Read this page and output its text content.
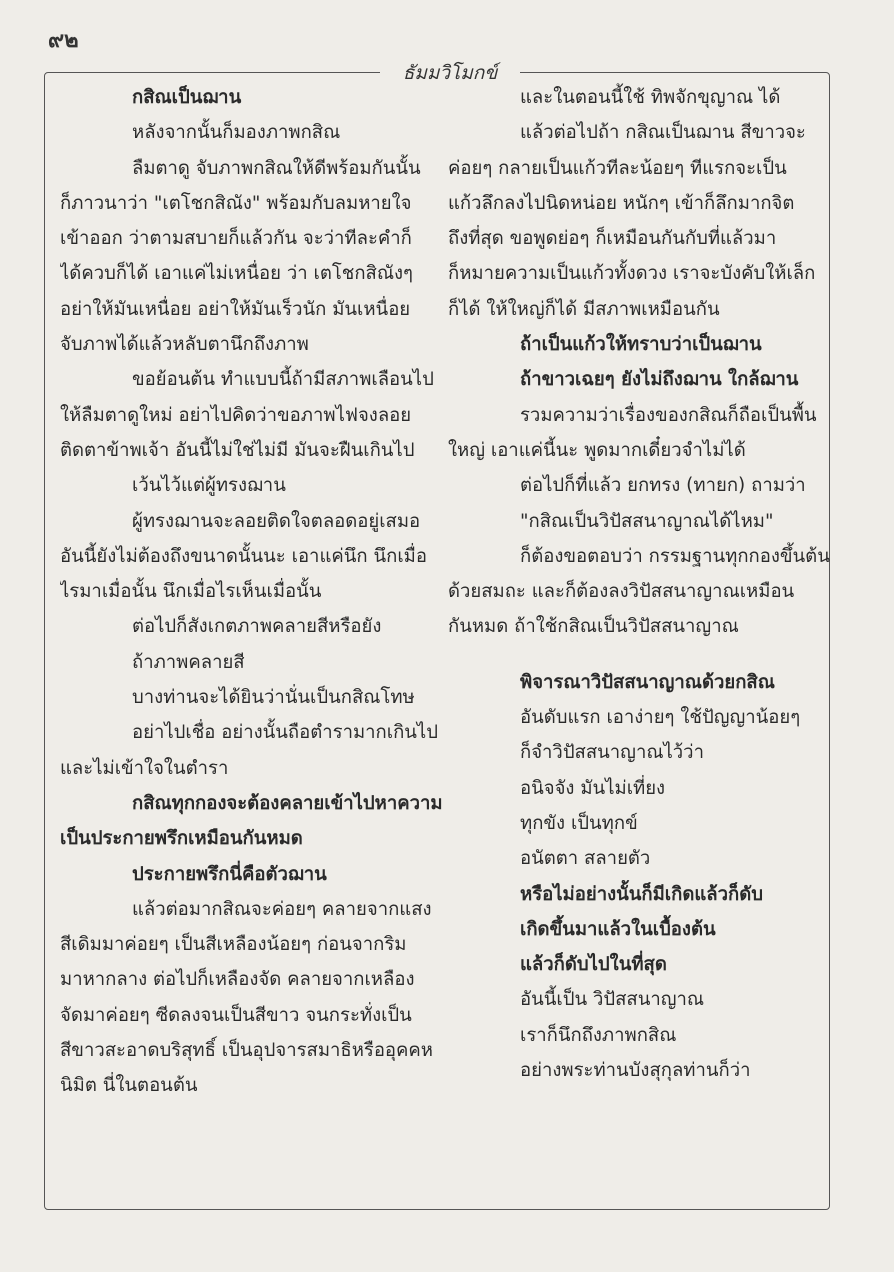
๙๒
ธัมมวิโมกข์
กสิณเป็นฌาน
หลังจากนั้นก็มองภาพกสิณ
ลืมตาดู จับภาพกสิณให้ดีพร้อมกันนั้น
ก็ภาวนาว่า "เตโชกสิณัง" พร้อมกับลมหายใจ
เข้าออก ว่าตามสบายก็แล้วกัน จะว่าทีละคำก็
ได้ควบก็ได้ เอาแค่ไม่เหนื่อย ว่า เตโชกสิณังๆ
อย่าให้มันเหนื่อย อย่าให้มันเร็วนัก มันเหนื่อย
จับภาพได้แล้วหลับตานึกถึงภาพ
ขอย้อนต้น ทำแบบนี้ถ้ามีสภาพเลือนไป
ให้ลืมตาดูใหม่ อย่าไปคิดว่าขอภาพไฟจงลอย
ติดตาข้าพเจ้า อันนี้ไม่ใช่ไม่มี มันจะฝืนเกินไป
เว้นไว้แต่ผู้ทรงฌาน
ผู้ทรงฌานจะลอยติดใจตลอดอยู่เสมอ
อันนี้ยังไม่ต้องถึงขนาดนั้นนะ เอาแค่นึก นึกเมื่อ
ไรมาเมื่อนั้น นึกเมื่อไรเห็นเมื่อนั้น
ต่อไปก็สังเกตภาพคลายสีหรือยัง
ถ้าภาพคลายสี
บางท่านจะได้ยินว่านั่นเป็นกสิณโทษ
อย่าไปเชื่อ อย่างนั้นถือตำรามากเกินไป
และไม่เข้าใจในตำรา
กสิณทุกกองจะต้องคลายเข้าไปหาความ
เป็นประกายพรึกเหมือนกันหมด
ประกายพรึกนี่คือตัวฌาน
แล้วต่อมากสิณจะค่อยๆ คลายจากแสง
สีเดิมมาค่อยๆ เป็นสีเหลืองน้อยๆ ก่อนจากริม
มาหากลาง ต่อไปก็เหลืองจัด คลายจากเหลือง
จัดมาค่อยๆ ซีดลงจนเป็นสีขาว จนกระทั่งเป็น
สีขาวสะอาดบริสุทธิ์ เป็นอุปจารสมาธิหรืออุคคห
นิมิต นี่ในตอนต้น
และในตอนนี้ใช้ ทิพจักขุญาณ ได้
แล้วต่อไปถ้า กสิณเป็นฌาน สีขาวจะ
ค่อยๆ กลายเป็นแก้วทีละน้อยๆ ทีแรกจะเป็น
แก้วลึกลงไปนิดหน่อย หนักๆ เข้าก็ลึกมากจิต
ถึงที่สุด ขอพูดย่อๆ ก็เหมือนกันกับที่แล้วมา
ก็หมายความเป็นแก้วทั้งดวง เราจะบังคับให้เล็ก
ก็ได้ ให้ใหญ่ก็ได้ มีสภาพเหมือนกัน
ถ้าเป็นแก้วให้ทราบว่าเป็นฌาน
ถ้าขาวเฉยๆ ยังไม่ถึงฌาน ใกล้ฌาน
รวมความว่าเรื่องของกสิณก็ถือเป็นพื้น
ใหญ่ เอาแค่นี้นะ พูดมากเดี๋ยวจำไม่ได้
ต่อไปก็ที่แล้ว ยกทรง (ทายก) ถามว่า
"กสิณเป็นวิปัสสนาญาณได้ไหม"
ก็ต้องขอตอบว่า กรรมฐานทุกกองขึ้นต้น
ด้วยสมถะ และก็ต้องลงวิปัสสนาญาณเหมือน
กันหมด ถ้าใช้กสิณเป็นวิปัสสนาญาณ
พิจารณาวิปัสสนาญาณด้วยกสิณ
อันดับแรก เอาง่ายๆ ใช้ปัญญาน้อยๆ
ก็จำวิปัสสนาญาณไว้ว่า
อนิจจัง มันไม่เที่ยง
ทุกขัง เป็นทุกข์
อนัตตา สลายตัว
หรือไม่อย่างนั้นก็มีเกิดแล้วก็ดับ
เกิดขึ้นมาแล้วในเบื้องต้น
แล้วก็ดับไปในที่สุด
อันนี้เป็น วิปัสสนาญาณ
เราก็นึกถึงภาพกสิณ
อย่างพระท่านบังสุกุลท่านก็ว่า
